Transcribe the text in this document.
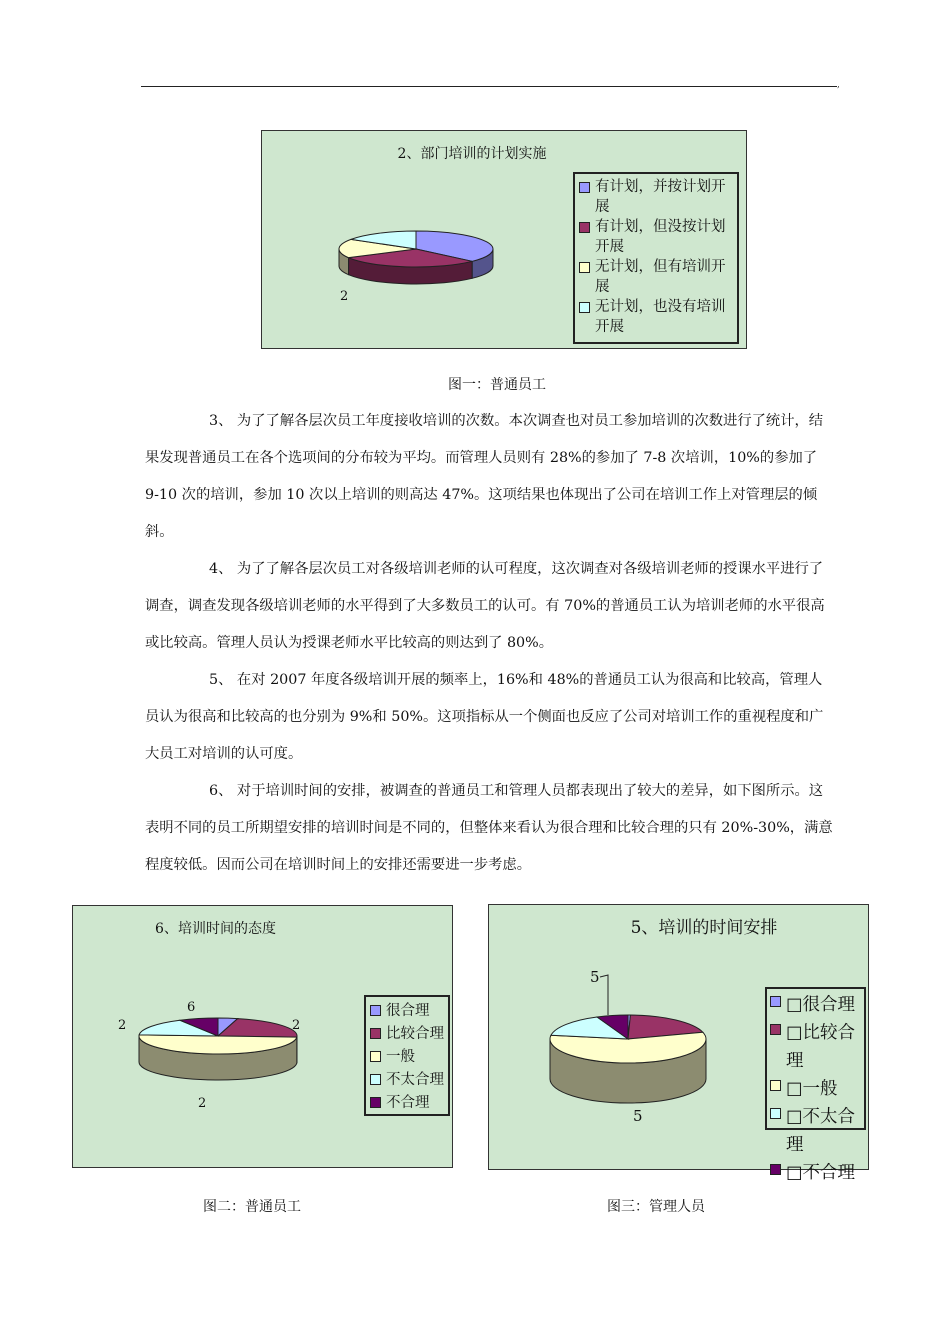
,
2、部门培训的计划实施
2
有计划，并按计划开展
有计划，但没按计划开展
无计划，但有培训开展
无计划，也没有培训开展
图一：普通员工

3、 为了了解各层次员工年度接收培训的次数。本次调查也对员工参加培训的次数进行了统计，结果发现普通员工在各个选项间的分布较为平均。而管理人员则有 28%的参加了 7-8 次培训，10%的参加了 9-10 次的培训，参加 10 次以上培训的则高达 47%。这项结果也体现出了公司在培训工作上对管理层的倾斜。

4、 为了了解各层次员工对各级培训老师的认可程度，这次调查对各级培训老师的授课水平进行了调查，调查发现各级培训老师的水平得到了大多数员工的认可。有 70%的普通员工认为培训老师的水平很高或比较高。管理人员认为授课老师水平比较高的则达到了 80%。

5、 在对 2007 年度各级培训开展的频率上，16%和 48%的普通员工认为很高和比较高，管理人员认为很高和比较高的也分别为 9%和 50%。这项指标从一个侧面也反应了公司对培训工作的重视程度和广大员工对培训的认可度。

6、 对于培训时间的安排，被调查的普通员工和管理人员都表现出了较大的差异，如下图所示。这表明不同的员工所期望安排的培训时间是不同的，但整体来看认为很合理和比较合理的只有 20%-30%，满意程度较低。因而公司在培训时间上的安排还需要进一步考虑。

6、培训时间的态度
6
2	2
2
很合理
比较合理
一般
不太合理
不合理
图二：普通员工
5、培训的时间安排
5
5
□很合理
□比较合理
□一般
□不太合理
□不合理
图三：管理人员
